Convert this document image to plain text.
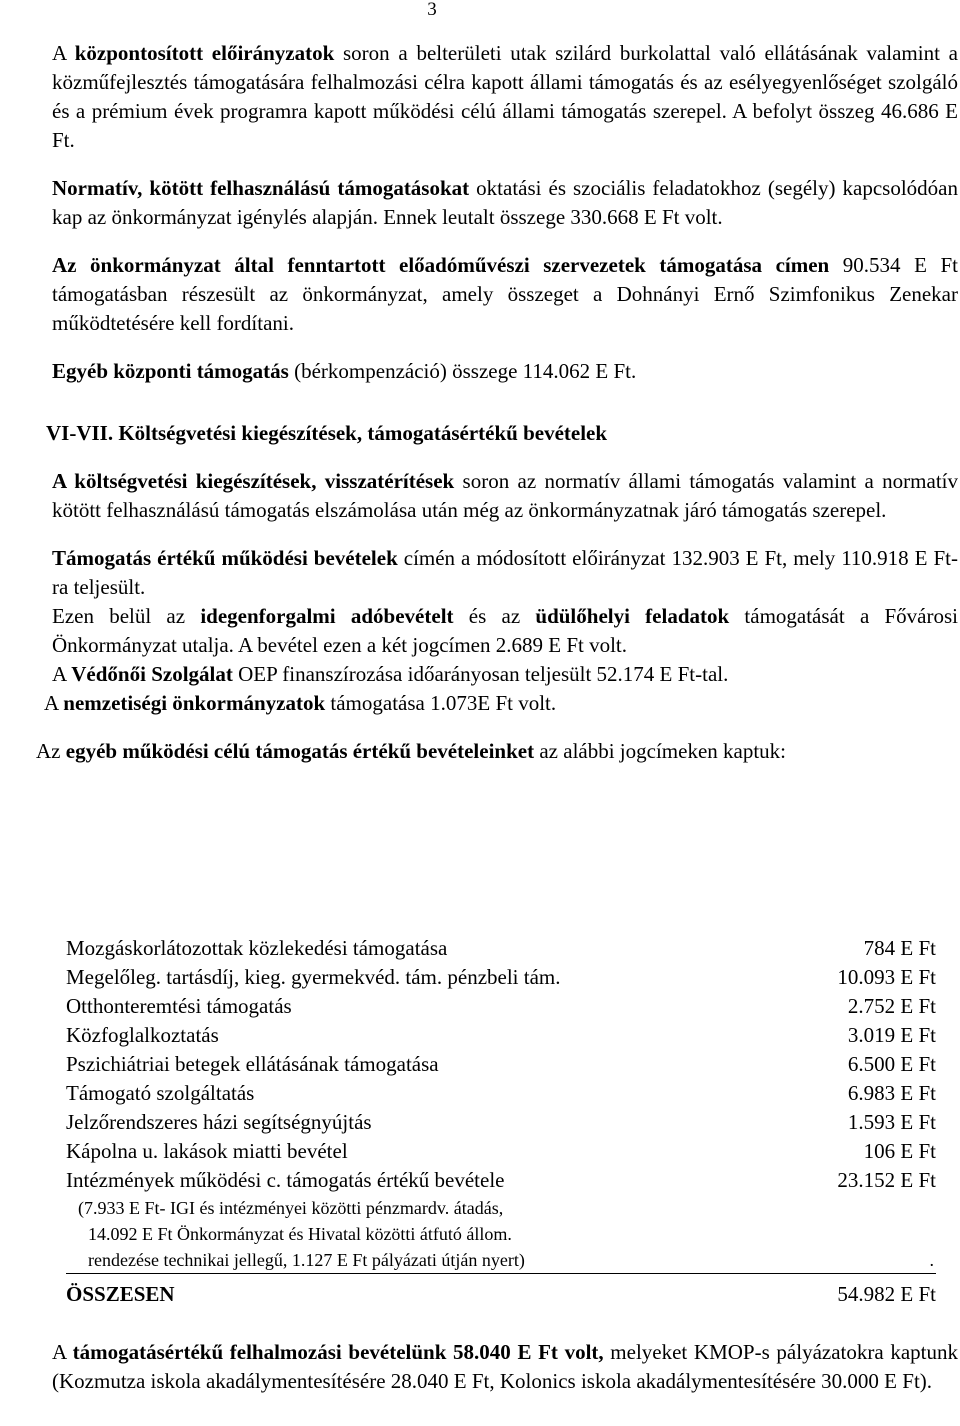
3

A központosított előirányzatok soron a belterületi utak szilárd burkolattal való ellátásának valamint a közműfejlesztés támogatására felhalmozási célra kapott állami támogatás és az esélyegyenlőséget szolgáló és a prémium évek programra kapott működési célú állami támogatás szerepel. A befolyt összeg 46.686 E Ft.

Normatív, kötött felhasználású támogatásokat oktatási és szociális feladatokhoz (segély) kapcsolódóan kap az önkormányzat igénylés alapján. Ennek leutalt összege 330.668 E Ft volt.

Az önkormányzat által fenntartott előadóművészi szervezetek támogatása címen 90.534 E Ft támogatásban részesült az önkormányzat, amely összeget a Dohnányi Ernő Szimfonikus Zenekar működtetésére kell fordítani.

Egyéb központi támogatás (bérkompenzáció) összege 114.062 E Ft.

VI-VII. Költségvetési kiegészítések, támogatásértékű bevételek

A költségvetési kiegészítések, visszatérítések soron az normatív állami támogatás valamint a normatív kötött felhasználású támogatás elszámolása után még az önkormányzatnak járó támogatás szerepel.

Támogatás értékű működési bevételek címén a módosított előirányzat 132.903 E Ft, mely 110.918 E Ft-ra teljesült.

Ezen belül az idegenforgalmi adóbevételt és az üdülőhelyi feladatok támogatását a Fővárosi Önkormányzat utalja. A bevétel ezen a két jogcímen 2.689 E Ft volt.

A Védőnői Szolgálat OEP finanszírozása időarányosan teljesült 52.174 E Ft-tal.

A nemzetiségi önkormányzatok támogatása 1.073E Ft volt.

Az egyéb működési célú támogatás értékű bevételeinket az alábbi jogcímeken kaptuk:

Mozgáskorlátozottak közlekedési támogatása	784 E Ft
Megelőleg. tartásdíj, kieg. gyermekvéd. tám. pénzbeli tám.	10.093 E Ft
Otthonteremtési támogatás	2.752 E Ft
Közfoglalkoztatás	3.019 E Ft
Pszichiátriai betegek ellátásának támogatása	6.500 E Ft
Támogató szolgáltatás	6.983 E Ft
Jelzőrendszeres házi segítségnyújtás	1.593 E Ft
Kápolna u. lakások miatti bevétel	106 E Ft
Intézmények működési c. támogatás értékű bevétele	23.152 E Ft
(7.933 E Ft- IGI és intézményei közötti pénzmardv. átadás,
14.092 E Ft Önkormányzat és Hivatal közötti átfutó állom.
rendezése technikai jellegű, 1.127 E Ft pályázati útján nyert)	.
ÖSSZESEN	54.982 E Ft

A támogatásértékű felhalmozási bevételünk 58.040 E Ft volt, melyeket KMOP-s pályázatokra kaptunk (Kozmutza iskola akadálymentesítésére 28.040 E Ft, Kolonics iskola akadálymentesítésére 30.000 E Ft).
